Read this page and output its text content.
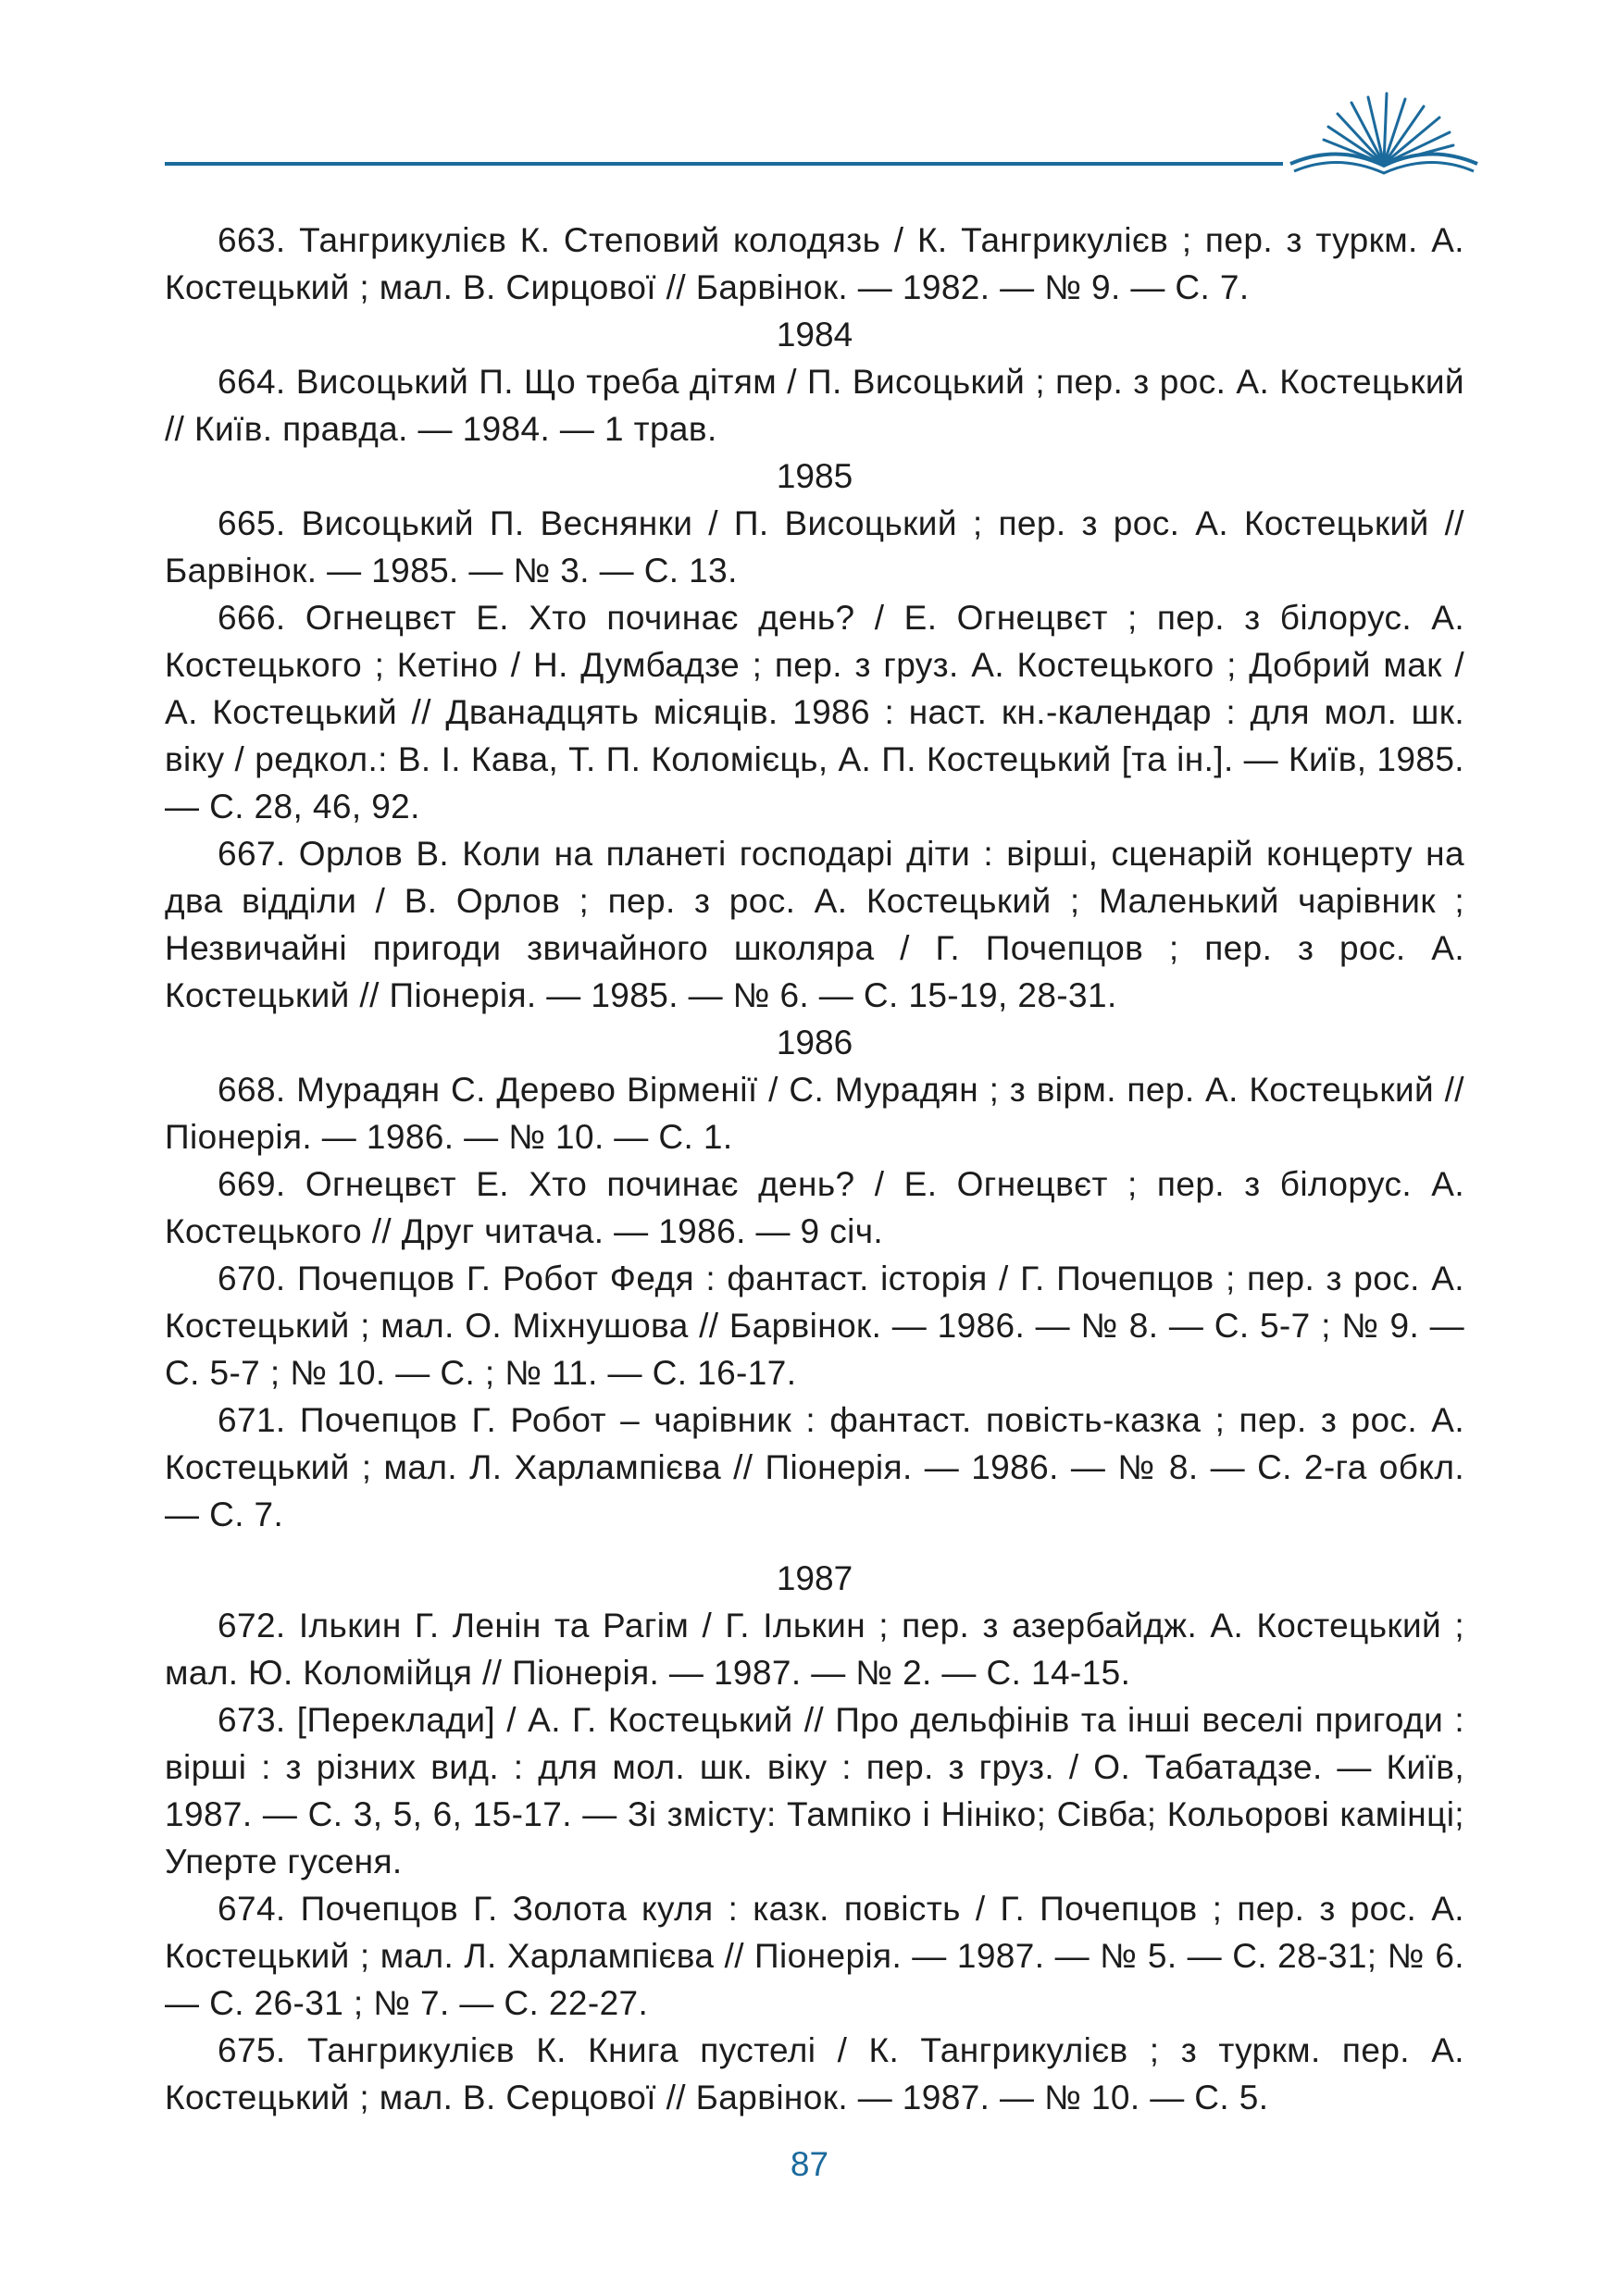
663. Тангрикулієв К. Степовий колодязь / К. Тангрикулієв ; пер. з туркм. А. Костецький ; мал. В. Сирцової // Барвінок. — 1982. — № 9. — С. 7.

1984

664. Висоцький П. Що треба дітям / П. Висоцький ; пер. з рос. А. Костецький // Київ. правда. — 1984. — 1 трав.

1985

665. Висоцький П. Веснянки / П. Висоцький ; пер. з рос. А. Костецький // Барвінок. — 1985. — № 3. — С. 13.

666. Огнецвєт Е. Хто починає день? / Е. Огнецвєт ; пер. з білорус. А. Костецького ; Кетіно / Н. Думбадзе ; пер. з груз. А. Костецького ; Добрий мак / А. Костецький // Дванадцять місяців. 1986 : наст. кн.-календар : для мол. шк. віку / редкол.: В. І. Кава, Т. П. Коломієць, А. П. Костецький [та ін.]. — Київ, 1985. — С. 28, 46, 92.

667. Орлов В. Коли на планеті господарі діти : вірші, сценарій концерту на два відділи / В. Орлов ; пер. з рос. А. Костецький ; Маленький чарівник ; Незвичайні пригоди звичайного школяра / Г. Почепцов ; пер. з рос. А. Костецький // Піонерія. — 1985. — № 6. — С. 15-19, 28-31.

1986

668. Мурадян С. Дерево Вірменії / С. Мурадян ; з вірм. пер. А. Костецький // Піонерія. — 1986. — № 10. — С. 1.

669. Огнецвєт Е. Хто починає день? / Е. Огнецвєт ; пер. з білорус. А. Костецького // Друг читача. — 1986. — 9 січ.

670. Почепцов Г. Робот Федя : фантаст. історія / Г. Почепцов ; пер. з рос. А. Костецький ; мал. О. Міхнушова // Барвінок. — 1986. — № 8. — С. 5-7 ; № 9. — С. 5-7 ; № 10. — С. ; № 11. — С. 16-17.

671. Почепцов Г. Робот – чарівник : фантаст. повість-казка ; пер. з рос. А. Костецький ; мал. Л. Харлампієва // Піонерія. — 1986. — № 8. — С. 2-га обкл. — С. 7.

1987

672. Ількин Г. Ленін та Рагім / Г. Ількин ; пер. з азербайдж. А. Костецький ; мал. Ю. Коломійця // Піонерія. — 1987. — № 2. — С. 14-15.

673. [Переклади] / А. Г. Костецький // Про дельфінів та інші веселі пригоди : вірші : з різних вид. : для мол. шк. віку : пер. з груз. / О. Табатадзе. — Київ, 1987. — С. 3, 5, 6, 15-17. — Зі змісту: Тампіко і Нініко; Сівба; Кольорові камінці; Уперте гусеня.

674. Почепцов Г. Золота куля : казк. повість / Г. Почепцов ; пер. з рос. А. Костецький ; мал. Л. Харлампієва // Піонерія. — 1987. — № 5. — С. 28-31; № 6. — С. 26-31 ; № 7. — С. 22-27.

675. Тангрикулієв К. Книга пустелі / К. Тангрикулієв ; з туркм. пер. А. Костецький ; мал. В. Серцової // Барвінок. — 1987. — № 10. — С. 5.

87
